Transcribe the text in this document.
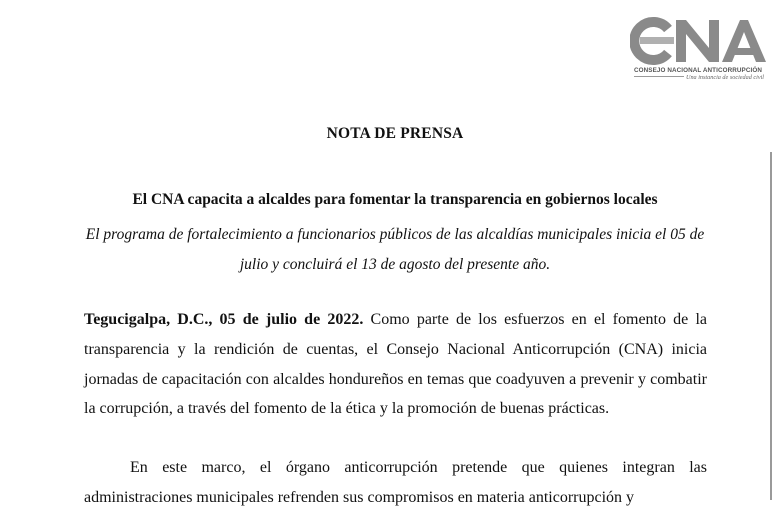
CONSEJO NACIONAL ANTICORRUPCIÓN
Una instancia de sociedad civil
NOTA DE PRENSA
El CNA capacita a alcaldes para fomentar la transparencia en gobiernos locales
El programa de fortalecimiento a funcionarios públicos de las alcaldías municipales inicia el 05 de julio y concluirá el 13 de agosto del presente año.

Tegucigalpa, D.C., 05 de julio de 2022. Como parte de los esfuerzos en el fomento de la transparencia y la rendición de cuentas, el Consejo Nacional Anticorrupción (CNA) inicia jornadas de capacitación con alcaldes hondureños en temas que coadyuven a prevenir y combatir la corrupción, a través del fomento de la ética y la promoción de buenas prácticas.

En este marco, el órgano anticorrupción pretende que quienes integran las administraciones municipales refrenden sus compromisos en materia anticorrupción y
